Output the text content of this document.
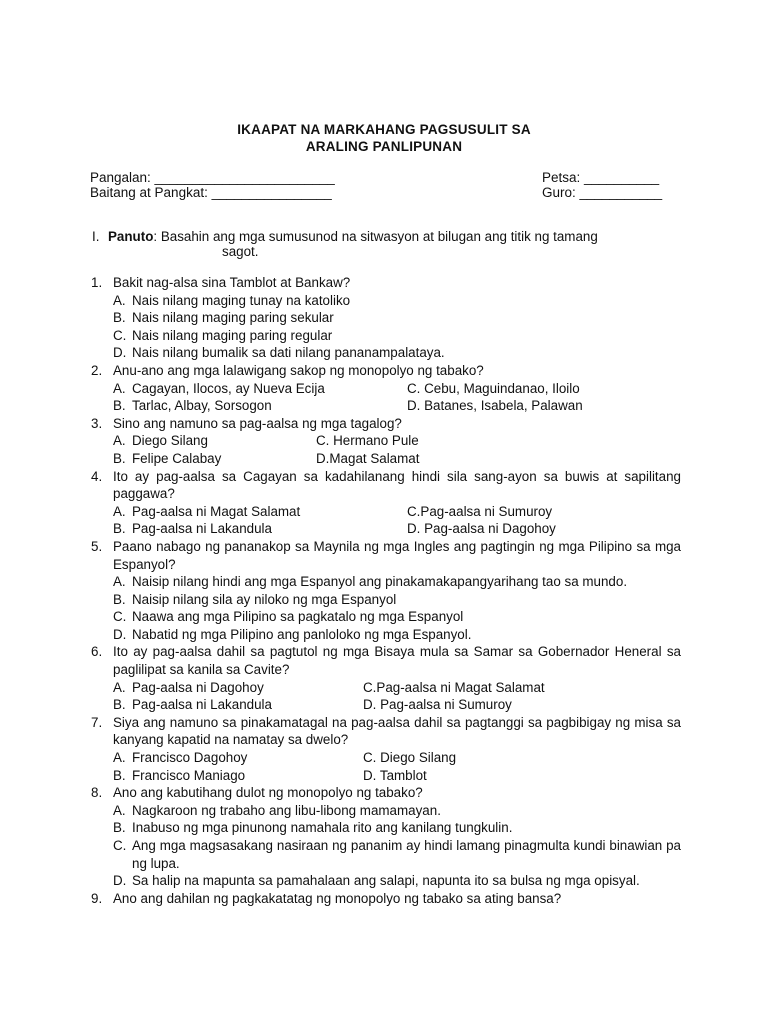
IKAAPAT NA MARKAHANG PAGSUSULIT SA
ARALING PANLIPUNAN
Pangalan: ________________________	Petsa: __________
Baitang at Pangkat: ________________	Guro: ___________
I. Panuto: Basahin ang mga sumusunod na sitwasyon at bilugan ang titik ng tamang
sagot.
1. Bakit nag-alsa sina Tamblot at Bankaw?
A. Nais nilang maging tunay na katoliko
B. Nais nilang maging paring sekular
C. Nais nilang maging paring regular
D. Nais nilang bumalik sa dati nilang pananampalataya.
2. Anu-ano ang mga lalawigang sakop ng monopolyo ng tabako?
A. Cagayan, Ilocos, ay Nueva Ecija	C. Cebu, Maguindanao, Iloilo
B. Tarlac, Albay, Sorsogon	D. Batanes, Isabela, Palawan
3. Sino ang namuno sa pag-aalsa ng mga tagalog?
A. Diego Silang	C. Hermano Pule
B. Felipe Calabay	D.Magat Salamat
4. Ito ay pag-aalsa sa Cagayan sa kadahilanang hindi sila sang-ayon sa buwis at sapilitang paggawa?
A. Pag-aalsa ni Magat Salamat	C.Pag-aalsa ni Sumuroy
B. Pag-aalsa ni Lakandula	D. Pag-aalsa ni Dagohoy
5. Paano nabago ng pananakop sa Maynila ng mga Ingles ang pagtingin ng mga Pilipino sa mga Espanyol?
A. Naisip nilang hindi ang mga Espanyol ang pinakamakapangyarihang tao sa mundo.
B. Naisip nilang sila ay niloko ng mga Espanyol
C. Naawa ang mga Pilipino sa pagkatalo ng mga Espanyol
D. Nabatid ng mga Pilipino ang panloloko ng mga Espanyol.
6. Ito ay pag-aalsa dahil sa pagtutol ng mga Bisaya mula sa Samar sa Gobernador Heneral sa paglilipat sa kanila sa Cavite?
A. Pag-aalsa ni Dagohoy	C.Pag-aalsa ni Magat Salamat
B. Pag-aalsa ni Lakandula	D. Pag-aalsa ni Sumuroy
7. Siya ang namuno sa pinakamatagal na pag-aalsa dahil sa pagtanggi sa pagbibigay ng misa sa kanyang kapatid na namatay sa dwelo?
A. Francisco Dagohoy	C. Diego Silang
B. Francisco Maniago	D. Tamblot
8. Ano ang kabutihang dulot ng monopolyo ng tabako?
A. Nagkaroon ng trabaho ang libu-libong mamamayan.
B. Inabuso ng mga pinunong namahala rito ang kanilang tungkulin.
C. Ang mga magsasakang nasiraan ng pananim ay hindi lamang pinagmulta kundi binawian pa ng lupa.
D. Sa halip na mapunta sa pamahalaan ang salapi, napunta ito sa bulsa ng mga opisyal.
9. Ano ang dahilan ng pagkakatatag ng monopolyo ng tabako sa ating bansa?
